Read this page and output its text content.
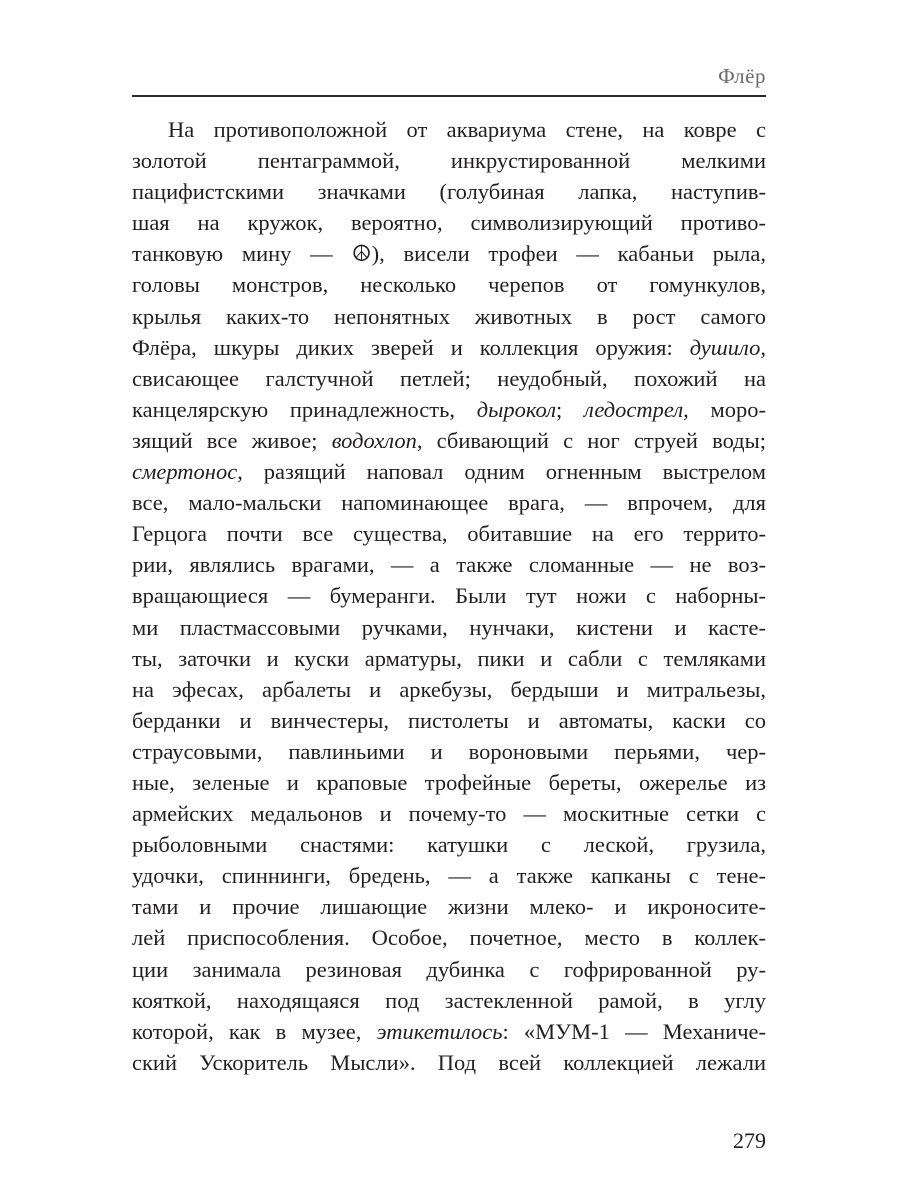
Флёр
На противоположной от аквариума стене, на ковре с
золотой пентаграммой, инкрустированной мелкими
пацифистскими значками (голубиная лапка, наступив-
шая на кружок, вероятно, символизирующий противо-
танковую мину — ☮), висели трофеи — кабаньи рыла,
головы монстров, несколько черепов от гомункулов,
крылья каких-то непонятных животных в рост самого
Флёра, шкуры диких зверей и коллекция оружия: душило,
свисающее галстучной петлей; неудобный, похожий на
канцелярскую принадлежность, дырокол; ледострел, моро-
зящий все живое; водохлоп, сбивающий с ног струей воды;
смертонос, разящий наповал одним огненным выстрелом
все, мало-мальски напоминающее врага, — впрочем, для
Герцога почти все существа, обитавшие на его террито-
рии, являлись врагами, — а также сломанные — не воз-
вращающиеся — бумеранги. Были тут ножи с наборны-
ми пластмассовыми ручками, нунчаки, кистени и касте-
ты, заточки и куски арматуры, пики и сабли с темляками
на эфесах, арбалеты и аркебузы, бердыши и митральезы,
берданки и винчестеры, пистолеты и автоматы, каски со
страусовыми, павлиньими и вороновыми перьями, чер-
ные, зеленые и краповые трофейные береты, ожерелье из
армейских медальонов и почему-то — москитные сетки с
рыболовными снастями: катушки с леской, грузила,
удочки, спиннинги, бредень, — а также капканы с тене-
тами и прочие лишающие жизни млеко- и икроносите-
лей приспособления. Особое, почетное, место в коллек-
ции занимала резиновая дубинка с гофрированной ру-
кояткой, находящаяся под застекленной рамой, в углу
которой, как в музее, этикетилось: «МУМ-1 — Механиче-
ский Ускоритель Мысли». Под всей коллекцией лежали
279
